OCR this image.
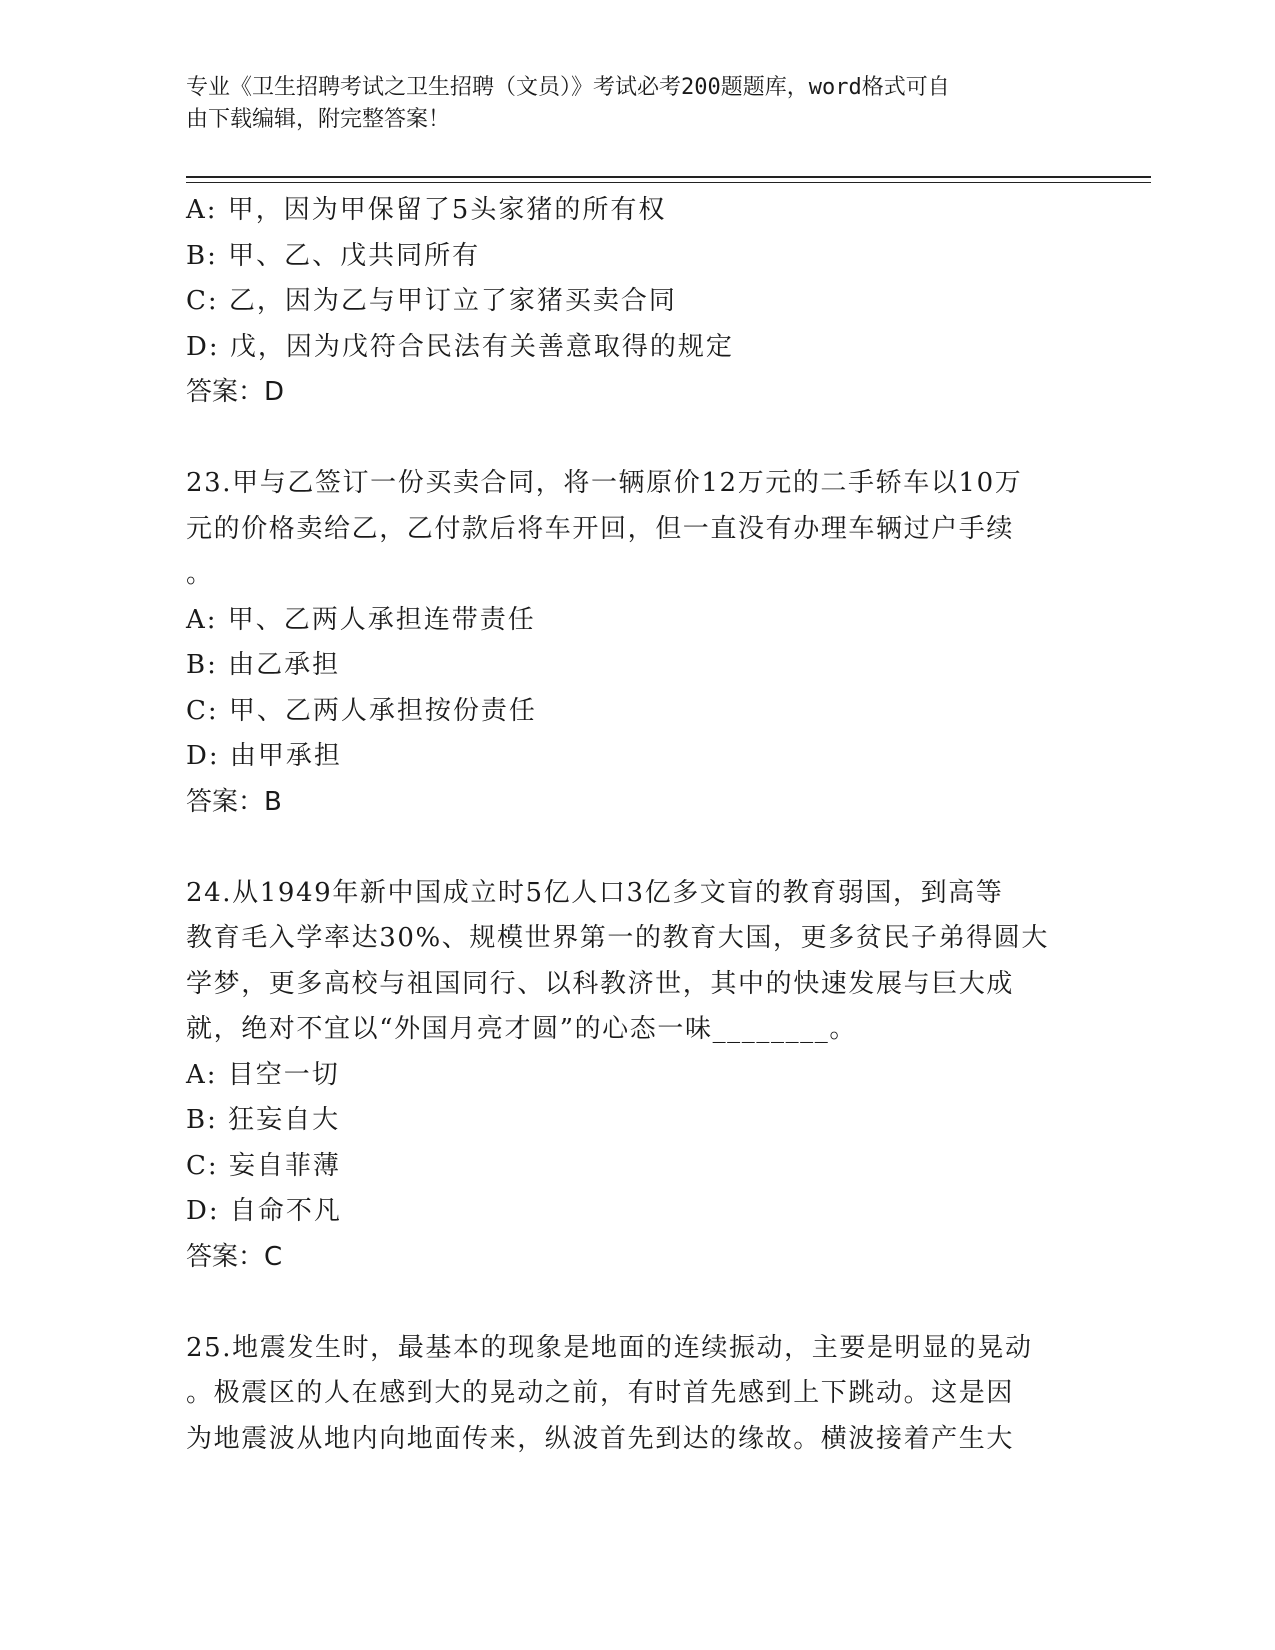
专业《卫生招聘考试之卫生招聘（文员）》考试必考200题题库，word格式可自
由下载编辑，附完整答案！
A: 甲，因为甲保留了5头家猪的所有权
B: 甲、乙、戊共同所有
C: 乙，因为乙与甲订立了家猪买卖合同
D: 戊，因为戊符合民法有关善意取得的规定
答案：D
23.甲与乙签订一份买卖合同，将一辆原价12万元的二手轿车以10万
元的价格卖给乙，乙付款后将车开回，但一直没有办理车辆过户手续
。
A: 甲、乙两人承担连带责任
B: 由乙承担
C: 甲、乙两人承担按份责任
D: 由甲承担
答案：B
24.从1949年新中国成立时5亿人口3亿多文盲的教育弱国，到高等
教育毛入学率达30%、规模世界第一的教育大国，更多贫民子弟得圆大
学梦，更多高校与祖国同行、以科教济世，其中的快速发展与巨大成
就，绝对不宜以“外国月亮才圆”的心态一味________。
A: 目空一切
B: 狂妄自大
C: 妄自菲薄
D: 自命不凡
答案：C
25.地震发生时，最基本的现象是地面的连续振动，主要是明显的晃动
。极震区的人在感到大的晃动之前，有时首先感到上下跳动。这是因
为地震波从地内向地面传来，纵波首先到达的缘故。横波接着产生大
